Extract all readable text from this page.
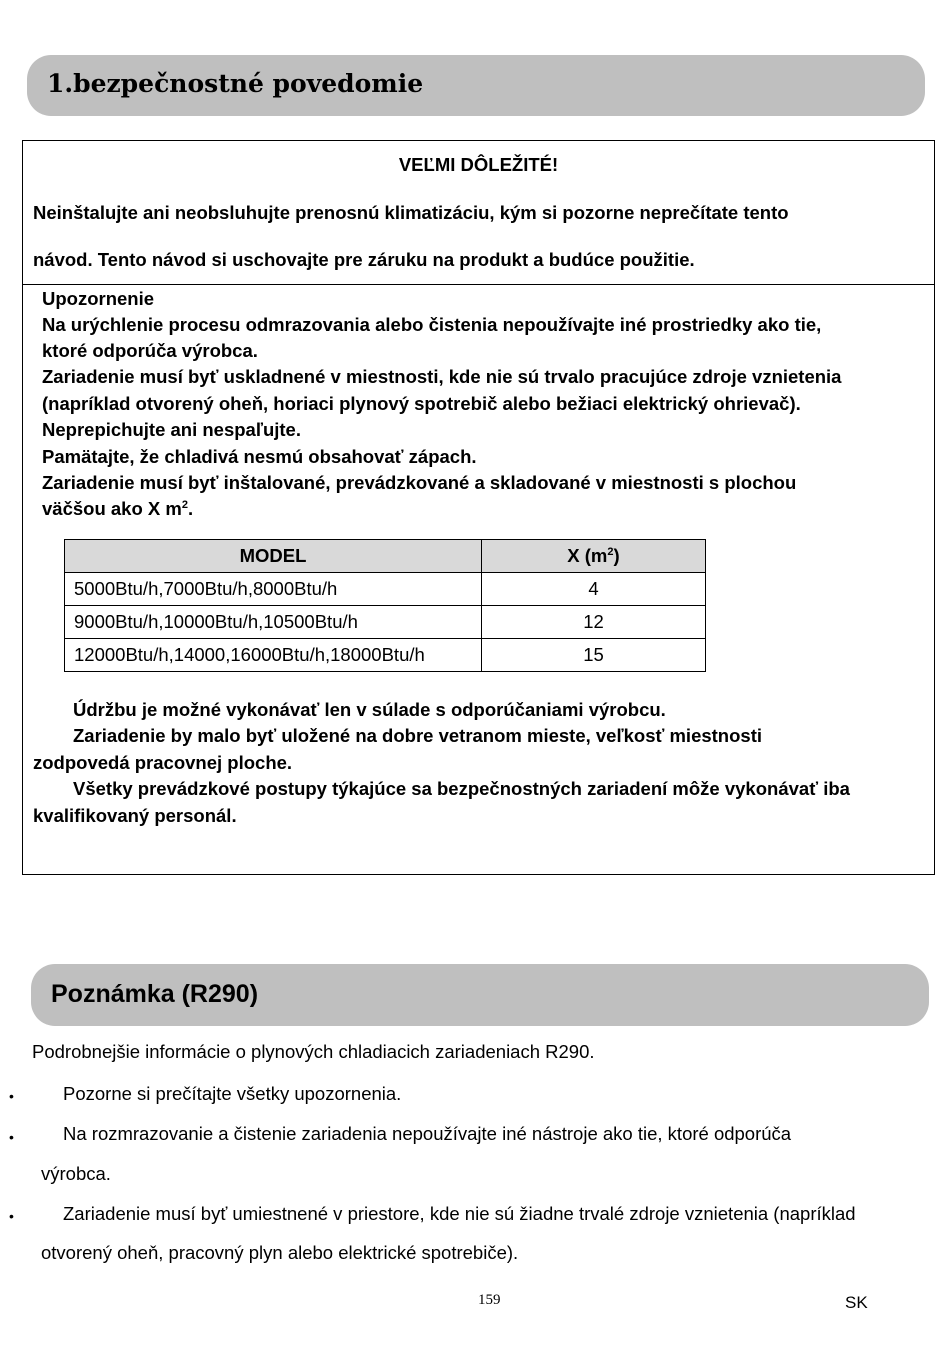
1.bezpečnostné povedomie
VEĽMI DÔLEŽITÉ!
Neinštalujte ani neobsluhujte prenosnú klimatizáciu, kým si pozorne neprečítate tento
návod. Tento návod si uschovajte pre záruku na produkt a budúce použitie.
Upozornenie
Na urýchlenie procesu odmrazovania alebo čistenia nepoužívajte iné prostriedky ako tie,
ktoré odporúča výrobca.
Zariadenie musí byť uskladnené v miestnosti, kde nie sú trvalo pracujúce zdroje vznietenia
(napríklad otvorený oheň, horiaci plynový spotrebič alebo bežiaci elektrický ohrievač).
Neprepichujte ani nespaľujte.
Pamätajte, že chladivá nesmú obsahovať zápach.
Zariadenie musí byť inštalované, prevádzkované a skladované v miestnosti s plochou
väčšou ako X $m^2$.
MODEL	X $(m^2)$
5000Btu/h,7000Btu/h,8000Btu/h	4
9000Btu/h,10000Btu/h,10500Btu/h	12
12000Btu/h,14000,16000Btu/h,18000Btu/h	15
Údržbu je možné vykonávať len v súlade s odporúčaniami výrobcu.
Zariadenie by malo byť uložené na dobre vetranom mieste, veľkosť miestnosti
zodpovedá pracovnej ploche.
Všetky prevádzkové postupy týkajúce sa bezpečnostných zariadení môže vykonávať iba
kvalifikovaný personál.
Poznámka (R290)
Podrobnejšie informácie o plynových chladiacich zariadeniach R290.
•	Pozorne si prečítajte všetky upozornenia.
•	Na rozmrazovanie a čistenie zariadenia nepoužívajte iné nástroje ako tie, ktoré odporúča
výrobca.
•	Zariadenie musí byť umiestnené v priestore, kde nie sú žiadne trvalé zdroje vznietenia (napríklad
otvorený oheň, pracovný plyn alebo elektrické spotrebiče).
159	SK
